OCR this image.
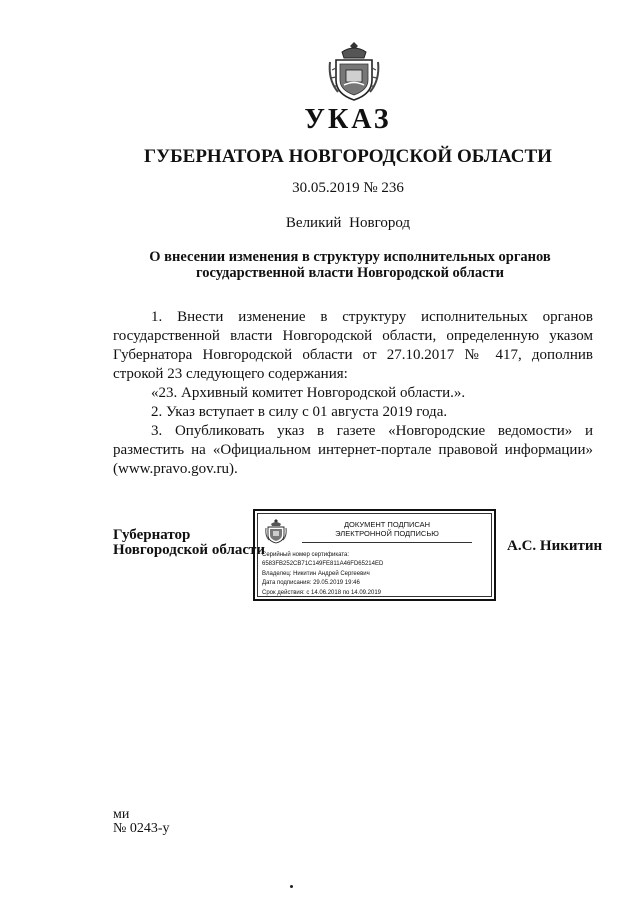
УКАЗ
ГУБЕРНАТОРА НОВГОРОДСКОЙ ОБЛАСТИ
30.05.2019 № 236
Великий Новгород
О внесении изменения в структуру исполнительных органов
государственной власти Новгородской области

1. Внести изменение в структуру исполнительных органов государственной власти Новгородской области, определенную указом Губернатора Новгородской области от 27.10.2017 № 417, дополнив строкой 23 следующего содержания:

«23. Архивный комитет Новгородской области.».

2. Указ вступает в силу с 01 августа 2019 года.

3. Опубликовать указ в газете «Новгородские ведомости» и разместить на «Официальном интернет-портале правовой информации» (www.pravo.gov.ru).

Губернатор
Новгородской области
ДОКУМЕНТ ПОДПИСАН
ЭЛЕКТРОННОЙ ПОДПИСЬЮ
Серийный номер сертификата:
6583FB252CB71C149FE811A46FD65214ED
Владелец: Никитин Андрей Сергеевич
Дата подписания: 29.05.2019 19:46
Срок действия: с 14.06.2018 по 14.09.2019
А.С. Никитин
ми
№ 0243-у
